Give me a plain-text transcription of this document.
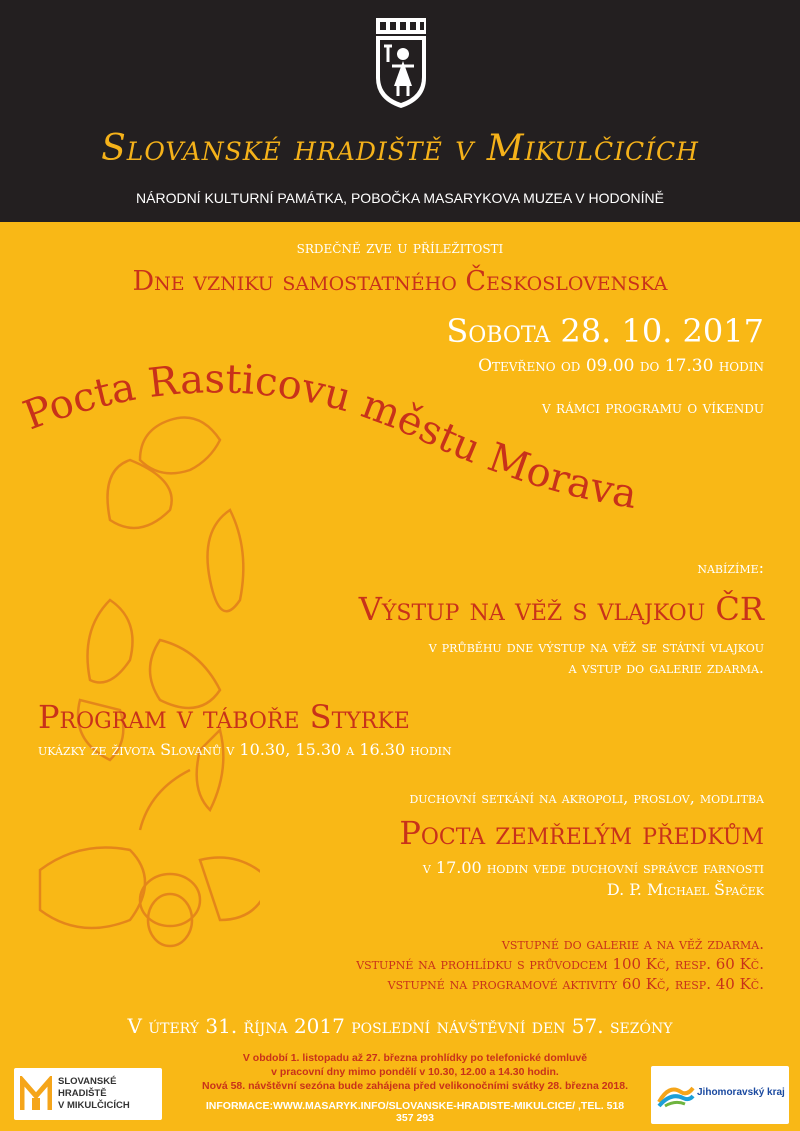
Slovanské hradiště v Mikulčicích
NÁRODNÍ KULTURNÍ PAMÁTKA, POBOČKA MASARYKOVA MUZEA V HODONÍNĚ
srdečně zve u příležitosti
Dne vzniku samostatného Československa
Sobota 28. 10. 2017
Otevřeno od 09.00 do 17.30 hodin
v rámci programu o víkendu
Pocta Rasticovu městu Morava
nabízíme:
Výstup na věž s vlajkou ČR
v průběhu dne výstup na věž se státní vlajkou
a vstup do galerie zdarma.
Program v táboře Styrke
ukázky ze života Slovanů v 10.30, 15.30 a 16.30 hodin
duchovní setkání na akropoli, proslov, modlitba
Pocta zemřelým předkům
v 17.00 hodin vede duchovní správce farnosti
D. P. Michael Špaček
vstupné do galerie a na věž zdarma.
vstupné na prohlídku s průvodcem 100 Kč, resp. 60 Kč.
vstupné na programové aktivity 60 Kč, resp. 40 Kč.
V úterý 31. října 2017 poslední návštěvní den 57. sezóny
SLOVANSKÉ
HRADIŠTĚ
V MIKULČICÍCH
V období 1. listopadu až 27. března prohlídky po telefonické domluvě
v pracovní dny mimo pondělí v 10.30, 12.00 a 14.30 hodin.
Nová 58. návštěvní sezóna bude zahájena před velikonočními svátky 28. března 2018.
INFORMACE:WWW.MASARYK.INFO/SLOVANSKE-HRADISTE-MIKULCICE/ ,TEL. 518 357 293
Jihomoravský kraj
